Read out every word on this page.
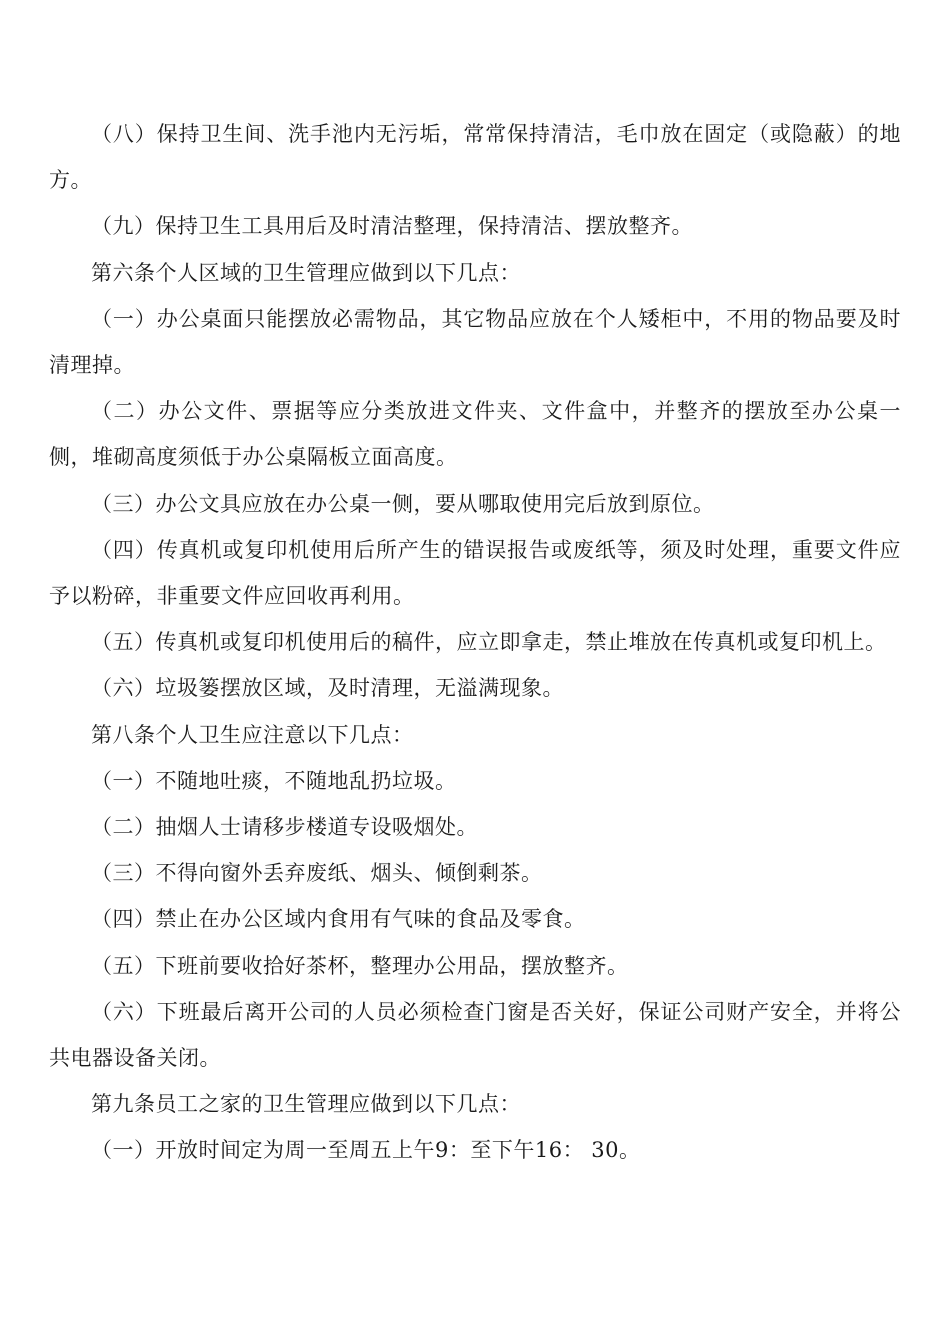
（八）保持卫生间、洗手池内无污垢，常常保持清洁，毛巾放在固定（或隐蔽）的地方。

（九）保持卫生工具用后及时清洁整理，保持清洁、摆放整齐。

第六条个人区域的卫生管理应做到以下几点：

（一）办公桌面只能摆放必需物品，其它物品应放在个人矮柜中，不用的物品要及时清理掉。

（二）办公文件、票据等应分类放进文件夹、文件盒中，并整齐的摆放至办公桌一侧，堆砌高度须低于办公桌隔板立面高度。

（三）办公文具应放在办公桌一侧，要从哪取使用完后放到原位。

（四）传真机或复印机使用后所产生的错误报告或废纸等，须及时处理，重要文件应予以粉碎，非重要文件应回收再利用。

（五）传真机或复印机使用后的稿件，应立即拿走，禁止堆放在传真机或复印机上。

（六）垃圾篓摆放区域，及时清理，无溢满现象。

第八条个人卫生应注意以下几点：

（一）不随地吐痰，不随地乱扔垃圾。

（二）抽烟人士请移步楼道专设吸烟处。

（三）不得向窗外丢弃废纸、烟头、倾倒剩茶。

（四）禁止在办公区域内食用有气味的食品及零食。

（五）下班前要收拾好茶杯，整理办公用品，摆放整齐。

（六）下班最后离开公司的人员必须检查门窗是否关好，保证公司财产安全，并将公共电器设备关闭。

第九条员工之家的卫生管理应做到以下几点：

（一）开放时间定为周一至周五上午9：至下午16： 30。
